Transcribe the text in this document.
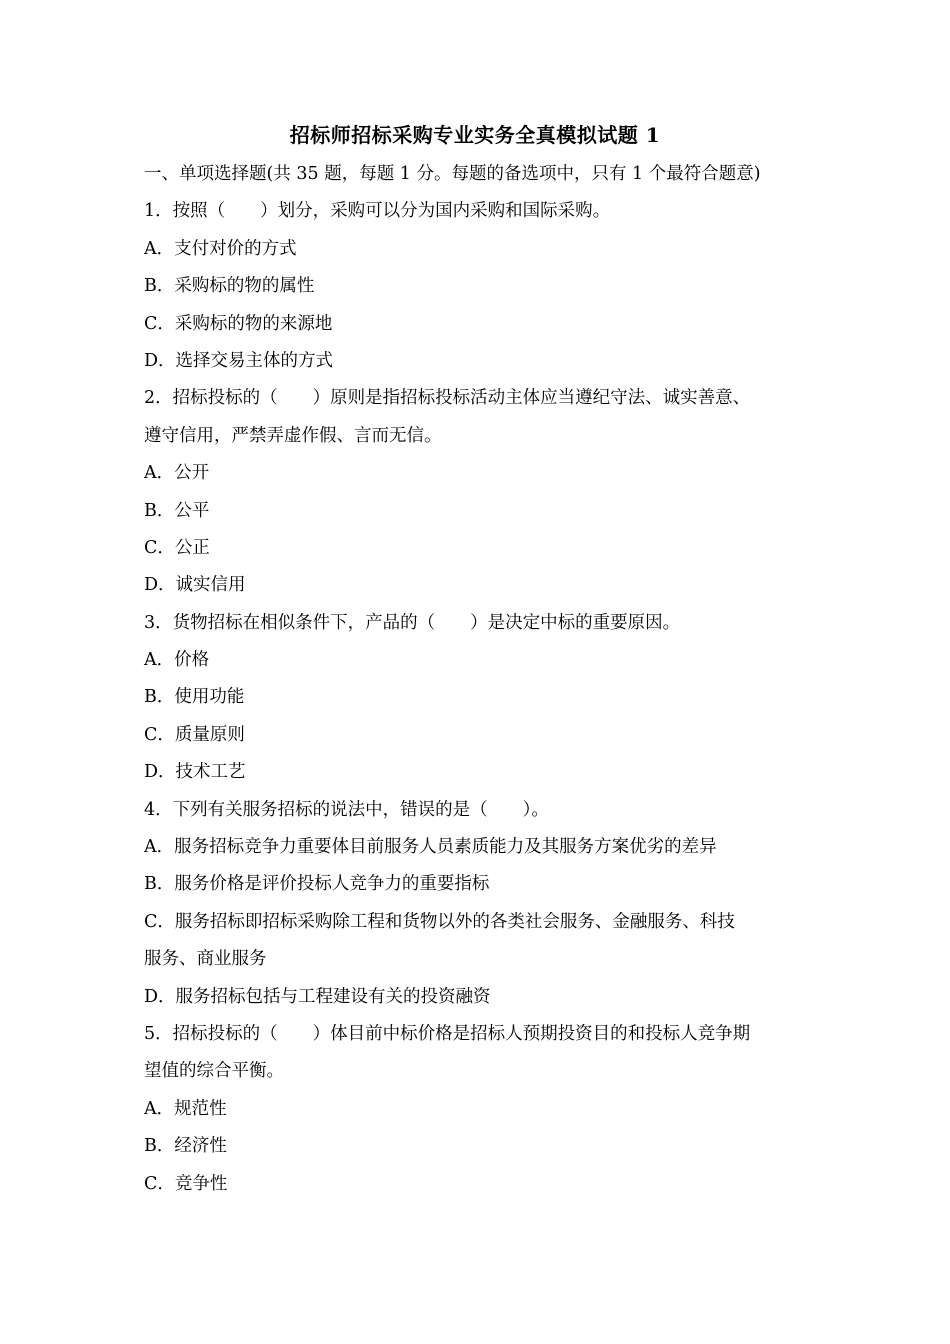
招标师招标采购专业实务全真模拟试题 1
一、单项选择题(共 35 题，每题 1 分。每题的备选项中，只有 1 个最符合题意)
1．按照（　　）划分，采购可以分为国内采购和国际采购。
A．支付对价的方式
B．采购标的物的属性
C．采购标的物的来源地
D．选择交易主体的方式
2．招标投标的（　　）原则是指招标投标活动主体应当遵纪守法、诚实善意、
遵守信用，严禁弄虚作假、言而无信。
A．公开
B．公平
C．公正
D．诚实信用
3．货物招标在相似条件下，产品的（　　）是决定中标的重要原因。
A．价格
B．使用功能
C．质量原则
D．技术工艺
4．下列有关服务招标的说法中，错误的是（　　）。
A．服务招标竞争力重要体目前服务人员素质能力及其服务方案优劣的差异
B．服务价格是评价投标人竞争力的重要指标
C．服务招标即招标采购除工程和货物以外的各类社会服务、金融服务、科技
服务、商业服务
D．服务招标包括与工程建设有关的投资融资
5．招标投标的（　　）体目前中标价格是招标人预期投资目的和投标人竞争期
望值的综合平衡。
A．规范性
B．经济性
C．竞争性
